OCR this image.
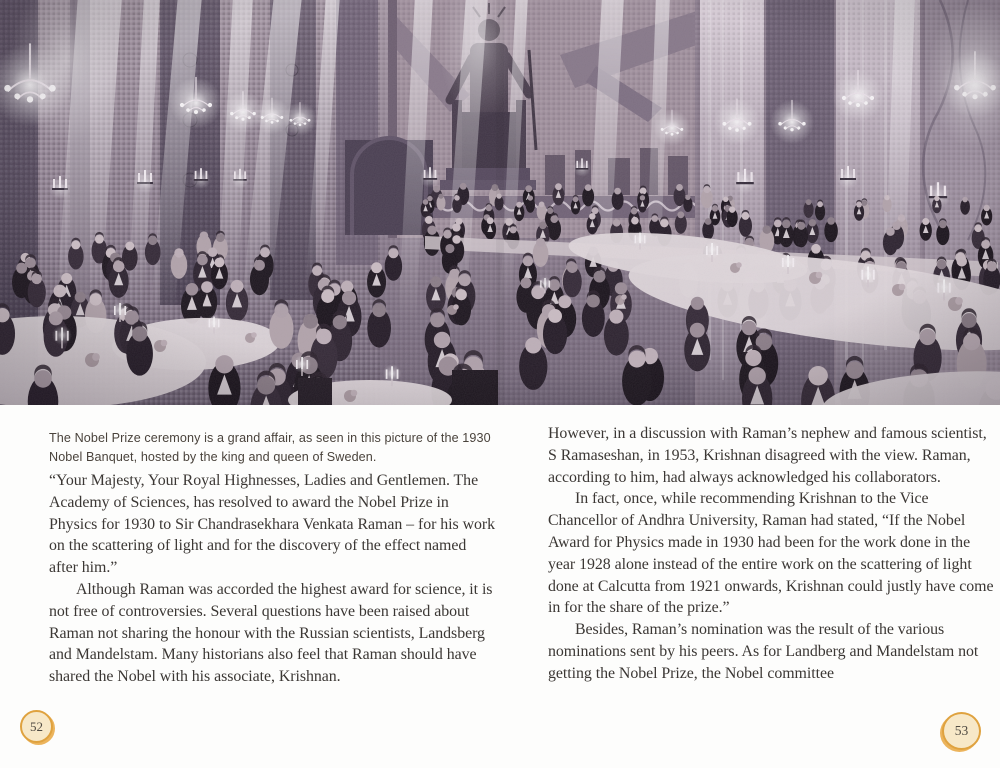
The Nobel Prize ceremony is a grand affair, as seen in this picture of the 1930 Nobel Banquet, hosted by the king and queen of Sweden.

“Your Majesty, Your Royal Highnesses, Ladies and Gentlemen. The Academy of Sciences, has resolved to award the Nobel Prize in Physics for 1930 to Sir Chandrasekhara Venkata Raman – for his work on the scattering of light and for the discovery of the effect named after him.”

Although Raman was accorded the highest award for science, it is not free of controversies. Several questions have been raised about Raman not sharing the honour with the Russian scientists, Landsberg and Mandelstam. Many historians also feel that Raman should have shared the Nobel with his associate, Krishnan.

However, in a discussion with Raman’s nephew and famous scientist, S Ramaseshan, in 1953, Krishnan disagreed with the view. Raman, according to him, had always acknowledged his collaborators.

In fact, once, while recommending Krishnan to the Vice Chancellor of Andhra University, Raman had stated, “If the Nobel Award for Physics made in 1930 had been for the work done in the year 1928 alone instead of the entire work on the scattering of light done at Calcutta from 1921 onwards, Krishnan could justly have come in for the share of the prize.”

Besides, Raman’s nomination was the result of the various nominations sent by his peers. As for Landberg and Mandelstam not getting the Nobel Prize, the Nobel committee

52	53
